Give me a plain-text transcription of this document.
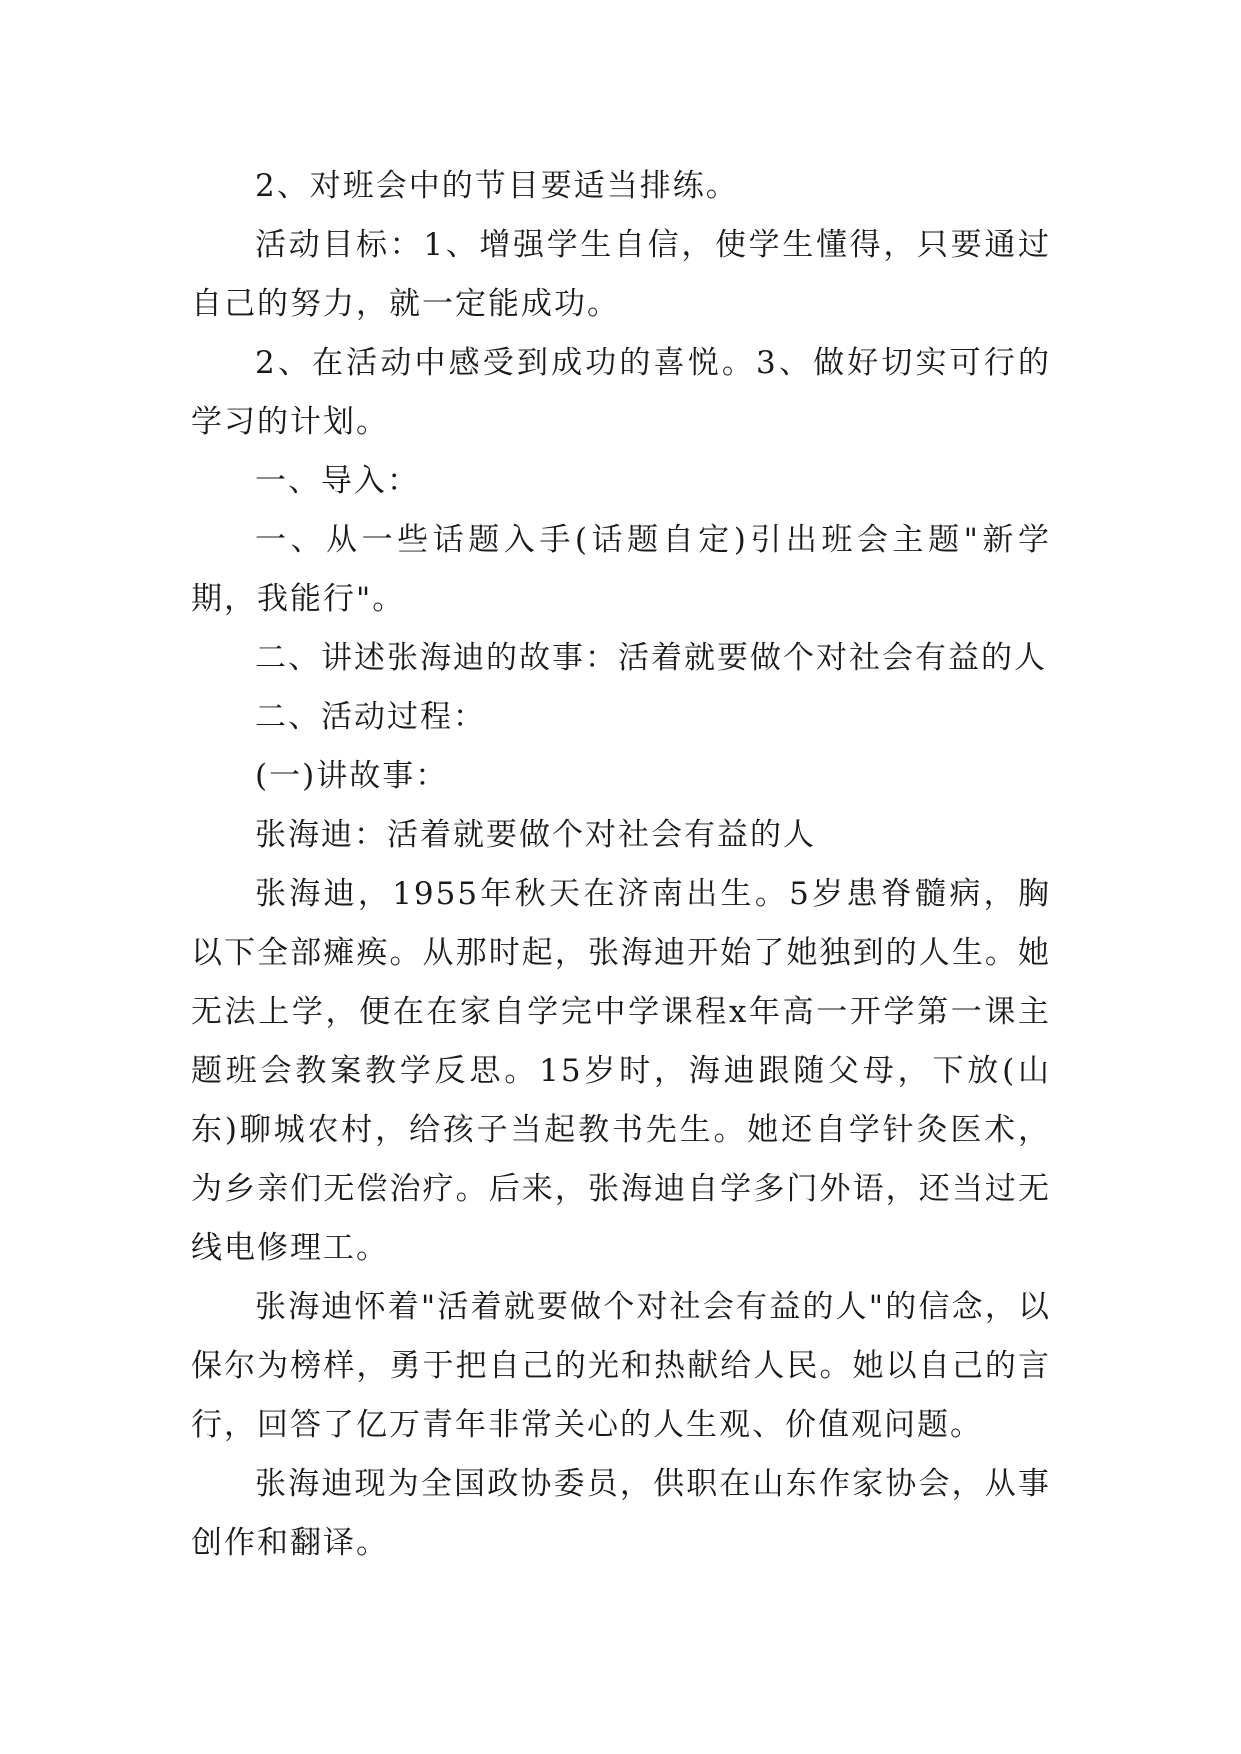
2、对班会中的节目要适当排练。

活动目标：1、增强学生自信，使学生懂得，只要通过自己的努力，就一定能成功。

2、在活动中感受到成功的喜悦。3、做好切实可行的学习的计划。

一、导入：

一、从一些话题入手(话题自定)引出班会主题"新学期，我能行"。

二、讲述张海迪的故事：活着就要做个对社会有益的人

二、活动过程：

(一)讲故事：

张海迪：活着就要做个对社会有益的人

张海迪，1955年秋天在济南出生。5岁患脊髓病，胸以下全部瘫痪。从那时起，张海迪开始了她独到的人生。她无法上学，便在在家自学完中学课程x年高一开学第一课主题班会教案教学反思。15岁时，海迪跟随父母，下放(山东)聊城农村，给孩子当起教书先生。她还自学针灸医术，为乡亲们无偿治疗。后来，张海迪自学多门外语，还当过无线电修理工。

张海迪怀着"活着就要做个对社会有益的人"的信念，以保尔为榜样，勇于把自己的光和热献给人民。她以自己的言行，回答了亿万青年非常关心的人生观、价值观问题。

张海迪现为全国政协委员，供职在山东作家协会，从事创作和翻译。
